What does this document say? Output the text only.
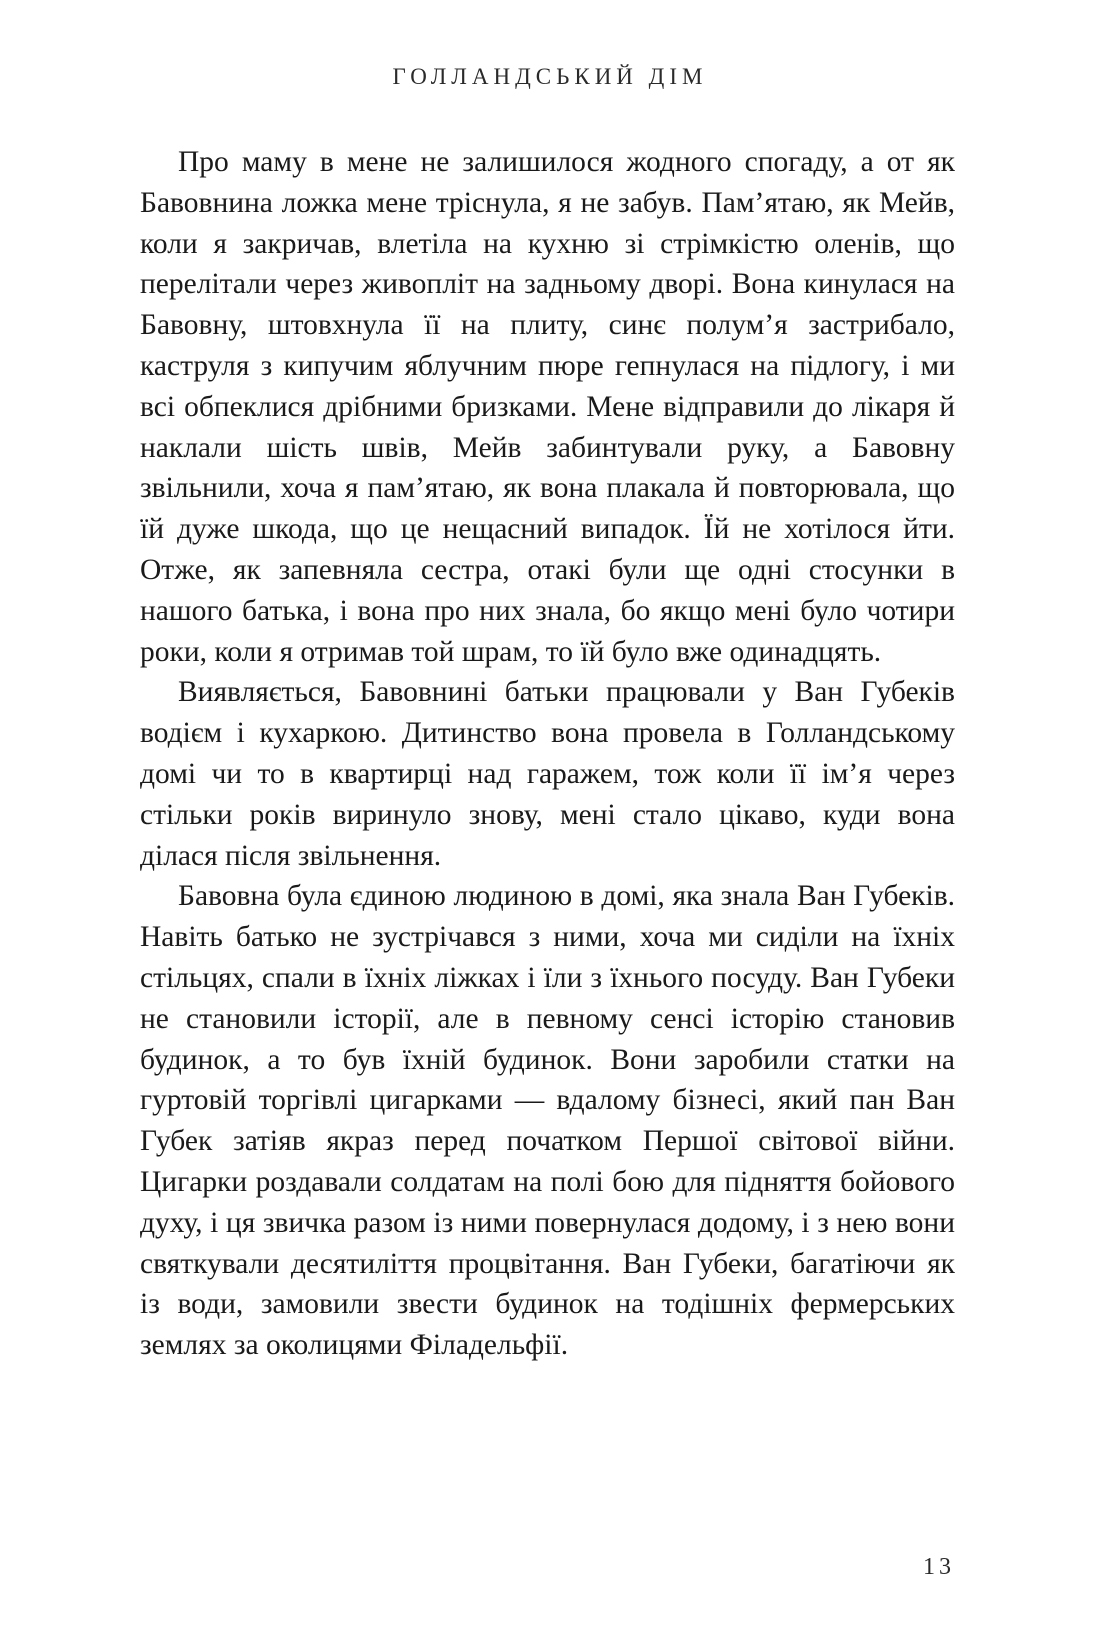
ГОЛЛАНДСЬКИЙ ДІМ

Про маму в мене не залишилося жодного спогаду, а от як Бавовнина ложка мене тріснула, я не забув. Пам’ятаю, як Мейв, коли я закричав, влетіла на кухню зі стрімкістю оленів, що перелітали через живопліт на задньому дворі. Вона кинулася на Бавовну, штовхнула її на плиту, синє полум’я застрибало, каструля з кипучим яблучним пюре гепнулася на підлогу, і ми всі обпеклися дрібними бризками. Мене відправили до лікаря й наклали шість швів, Мейв забинтували руку, а Бавовну звільнили, хоча я пам’ятаю, як вона плакала й повторювала, що їй дуже шкода, що це нещасний випадок. Їй не хотілося йти. Отже, як запевняла сестра, отакі були ще одні стосунки в нашого батька, і вона про них знала, бо якщо мені було чотири роки, коли я отримав той шрам, то їй було вже одинадцять.

Виявляється, Бавовнині батьки працювали у Ван Губеків водієм і кухаркою. Дитинство вона провела в Голландському домі чи то в квартирці над гаражем, тож коли її ім’я через стільки років виринуло знову, мені стало цікаво, куди вона ділася після звільнення.

Бавовна була єдиною людиною в домі, яка знала Ван Губеків. Навіть батько не зустрічався з ними, хоча ми сиділи на їхніх стільцях, спали в їхніх ліжках і їли з їхнього посуду. Ван Губеки не становили історії, але в певному сенсі історію становив будинок, а то був їхній будинок. Вони заробили статки на гуртовій торгівлі цигарками — вдалому бізнесі, який пан Ван Губек затіяв якраз перед початком Першої світової війни. Цигарки роздавали солдатам на полі бою для підняття бойового духу, і ця звичка разом із ними повернулася додому, і з нею вони святкували десятиліття процвітання. Ван Губеки, багатіючи як із води, замовили звести будинок на тодішніх фермерських землях за околицями Філадельфії.

13
